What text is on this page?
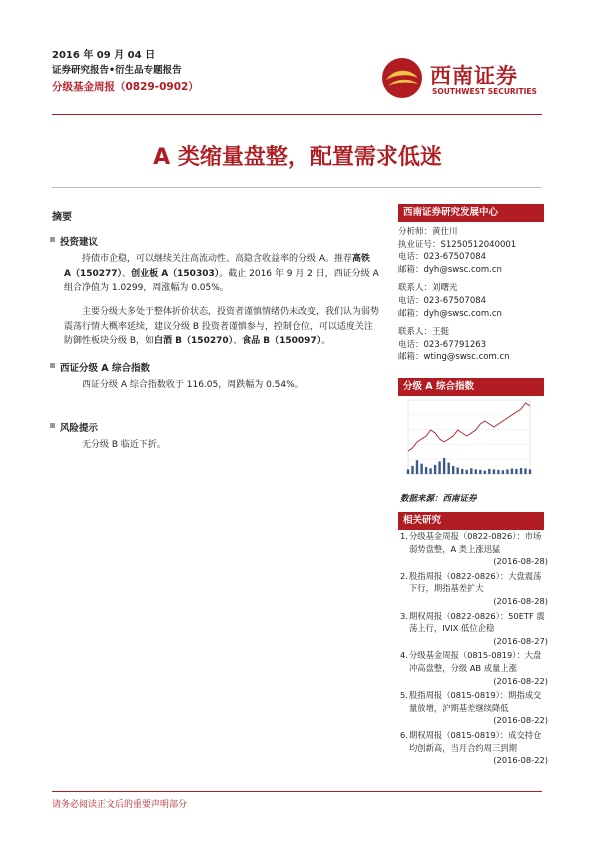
2016 年 09 月 04 日
证券研究报告•衍生品专题报告
分级基金周报（0829-0902）	西南证券
SOUTHWEST SECURITIES
A 类缩量盘整，配置需求低迷
摘要
投资建议
持债市企稳，可以继续关注高流动性、高隐含收益率的分级 A。推荐高铁 A（150277）、创业板 A（150303）。截止 2016 年 9 月 2 日，西证分级 A 组合净值为 1.0299，周涨幅为 0.05%。
主要分级大多处于整体折价状态，投资者谨慎情绪仍未改变，我们认为弱势震荡行情大概率延续，建议分级 B 投资者谨慎参与，控制仓位，可以适度关注防御性板块分级 B，如白酒 B（150270）、食品 B（150097）。
西证分级 A 综合指数
西证分级 A 综合指数收于 116.05，周跌幅为 0.54%。
风险提示
无分级 B 临近下折。
西南证券研究发展中心
分析师：黄仕川
执业证号：S1250512040001
电话：023-67507084
邮箱：dyh@swsc.com.cn
联系人：刘曙光
电话：023-67507084
邮箱：dyh@swsc.com.cn
联系人：王挺
电话：023-67791263
邮箱：wting@swsc.com.cn
分级 A 综合指数
数据来源：西南证券
相关研究
1. 分级基金周报（0822-0826）：市场弱势盘整，A 类上涨迅猛
(2016-08-28)
2. 股指周报（0822-0826）：大盘震荡下行，期指基差扩大
(2016-08-28)
3. 期权周报（0822-0826）：50ETF 震荡上行，IVIX 低位企稳
(2016-08-27)
4. 分级基金周报（0815-0819）：大盘冲高盘整，分级 AB 成量上涨
(2016-08-22)
5. 股指周报（0815-0819）：期指成交量放增，沪期基差继续降低
(2016-08-22)
6. 期权周报（0815-0819）：成交持仓均创新高，当月合约周三到期
(2016-08-22)
请务必阅读正文后的重要声明部分
